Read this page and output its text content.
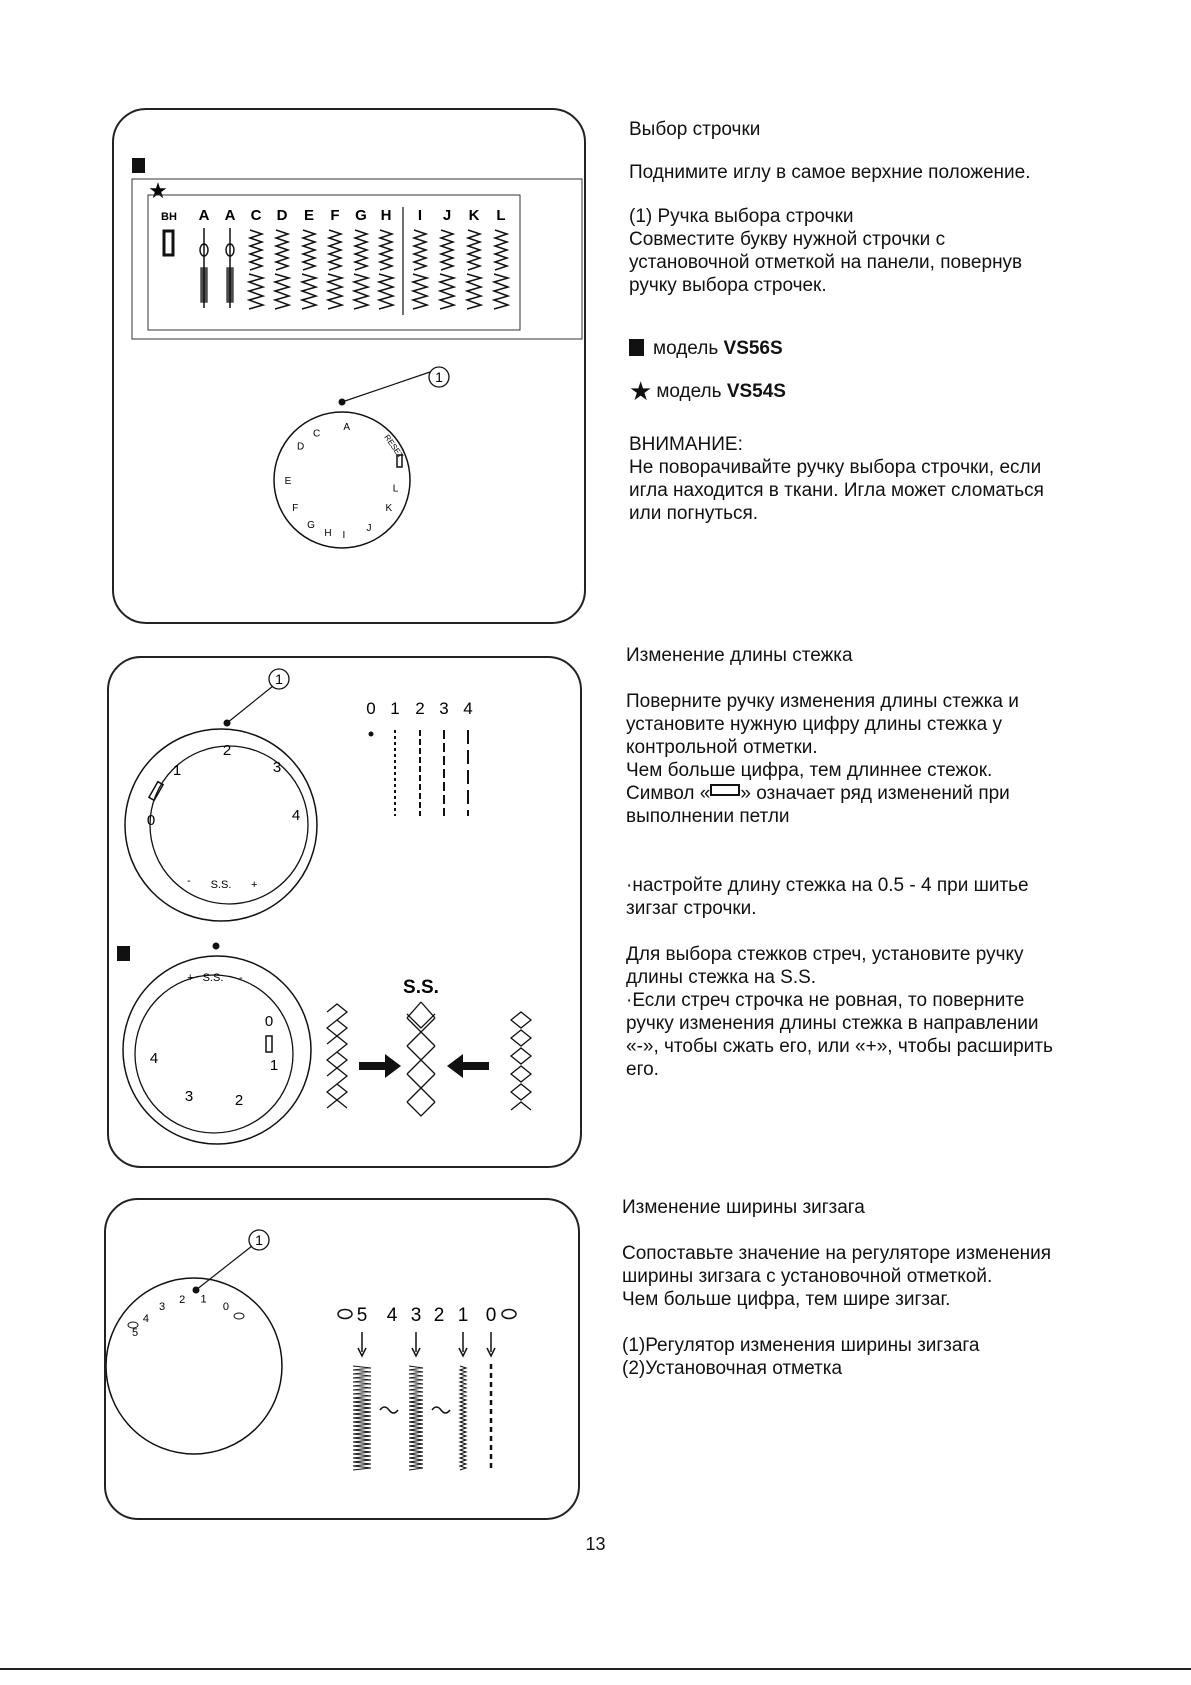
★
BH A A C D E F G H I J K L
1
A
C
D
E
F
G
H I
J
K
L
RESET

Выбор строчки

Поднимите иглу в самое верхние положение.

(1) Ручка выбора строчки

Совместите букву нужной строчки с

установочной отметкой на панели, повернув

ручку выбора строчек.

модель VS56S

★ модель VS54S

ВНИМАНИЕ:

Не поворачивайте ручку выбора строчки, если

игла находится в ткани. Игла может сломаться

или погнуться.

1
2
3
4
1
0
S.S.
-	+
0 1 2 3 4
S.S.
+	-
0
1
2
3
4
S.S.

Изменение длины стежка

Поверните ручку изменения длины стежка и

установите нужную цифру длины стежка у

контрольной отметки.

Чем больше цифра, тем длиннее стежок.

Символ « » означает ряд изменений при

выполнении петли

·настройте длину стежка на 0.5 - 4 при шитье

зигзаг строчки.

Для выбора стежков стреч, установите ручку

длины стежка на S.S.

·Если стреч строчка не ровная, то поверните

ручку изменения длины стежка в направлении

«-», чтобы сжать его, или «+», чтобы расширить

его.

1
5
4
3
2 1
0	5 4 3 2 1 0

Изменение ширины зигзага

Сопоставьте значение на регуляторе изменения

ширины зигзага с установочной отметкой.

Чем больше цифра, тем шире зигзаг.

(1)Регулятор изменения ширины зигзага

(2)Установочная отметка

13
